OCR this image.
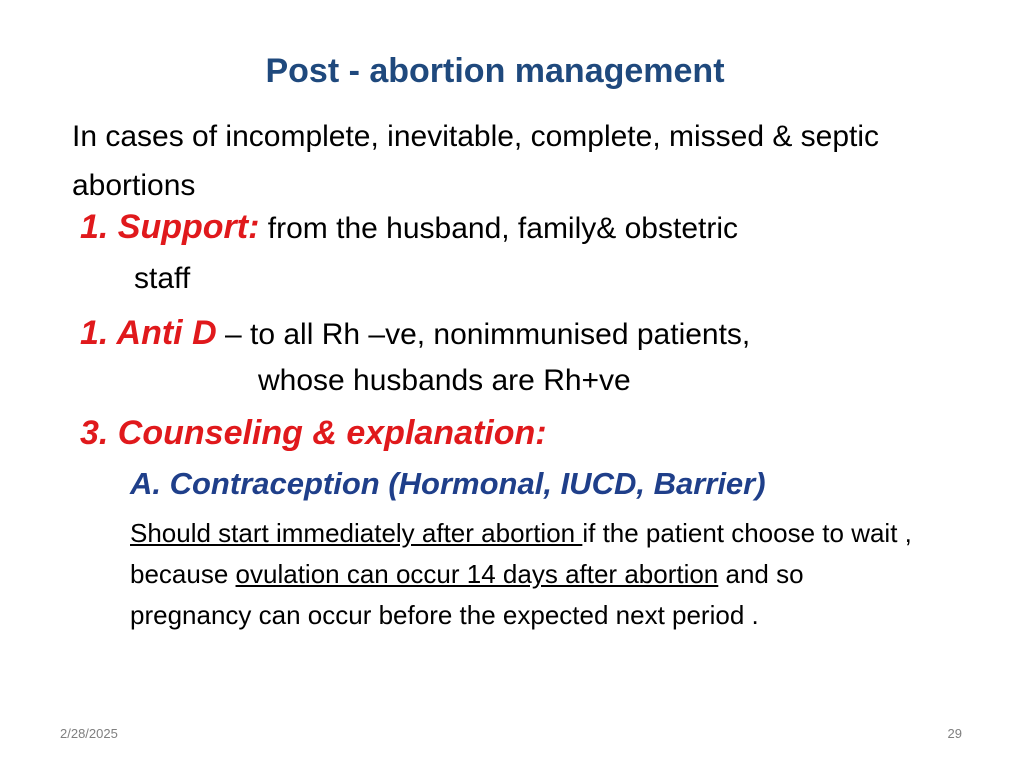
Post - abortion management
In cases of incomplete, inevitable, complete, missed & septic abortions
1. Support: from the husband, family& obstetric
staff
1. Anti D – to all Rh –ve, nonimmunised patients,
whose husbands are Rh+ve
3. Counseling & explanation:
A. Contraception (Hormonal, IUCD, Barrier)
Should start immediately after abortion if the patient choose to wait , because ovulation can occur 14 days after abortion and so pregnancy can occur before the expected next period .
2/28/2025	29
